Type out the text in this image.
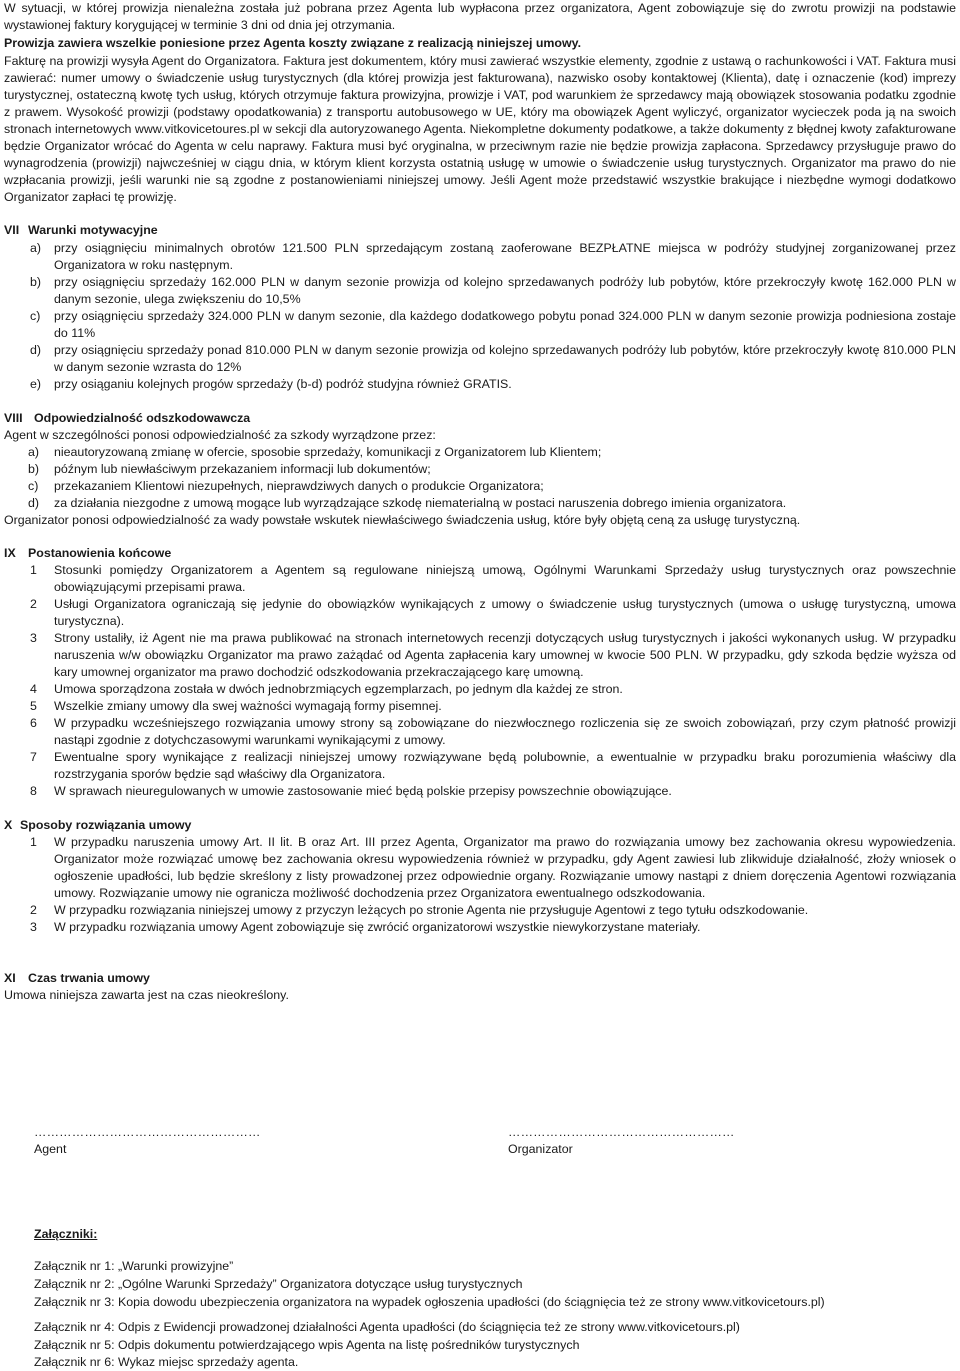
W sytuacji, w której prowizja nienależna została już pobrana przez Agenta lub wypłacona przez organizatora, Agent zobowiązuje się do zwrotu prowizji na podstawie wystawionej faktury korygującej w terminie 3 dni od dnia jej otrzymania.
Prowizja zawiera wszelkie poniesione przez Agenta koszty związane z realizacją niniejszej umowy.
Fakturę na prowizji wysyła Agent do Organizatora. Faktura jest dokumentem, który musi zawierać wszystkie elementy, zgodnie z ustawą o rachunkowości i VAT. Faktura musi zawierać: numer umowy o świadczenie usług turystycznych (dla której prowizja jest fakturowana), nazwisko osoby kontaktowej (Klienta), datę i oznaczenie (kod) imprezy turystycznej, ostateczną kwotę tych usług, których otrzymuje faktura prowizyjna, prowizje i VAT, pod warunkiem że sprzedawcy mają obowiązek stosowania podatku zgodnie z prawem. Wysokość prowizji (podstawy opodatkowania) z transportu autobusowego w UE, który ma obowiązek Agent wyliczyć, organizator wycieczek poda ją na swoich stronach internetowych www.vitkovicetoures.pl w sekcji dla autoryzowanego Agenta. Niekompletne dokumenty podatkowe, a także dokumenty z błędnej kwoty zafakturowane będzie Organizator wrócać do Agenta w celu naprawy. Faktura musi być oryginalna, w przeciwnym razie nie będzie prowizja zapłacona. Sprzedawcy przysługuje prawo do wynagrodzenia (prowizji) najwcześniej w ciągu dnia, w którym klient korzysta ostatnią usługę w umowie o świadczenie usług turystycznych. Organizator ma prawo do nie wzpłacania prowizji, jeśli warunki nie są zgodne z postanowieniami niniejszej umowy. Jeśli Agent może przedstawić wszystkie brakujące i niezbędne wymogi dodatkowo Organizator zapłaci tę prowizję.
VII Warunki motywacyjne
a) przy osiągnięciu minimalnych obrotów 121.500 PLN sprzedającym zostaną zaoferowane BEZPŁATNE miejsca w podróży studyjnej zorganizowanej przez Organizatora w roku następnym.
b) przy osiągnięciu sprzedaży 162.000 PLN w danym sezonie prowizja od kolejno sprzedawanych podróży lub pobytów, które przekroczyły kwotę 162.000 PLN w danym sezonie, ulega zwiększeniu do 10,5%
c) przy osiągnięciu sprzedaży 324.000 PLN w danym sezonie, dla każdego dodatkowego pobytu ponad 324.000 PLN w danym sezonie prowizja podniesiona zostaje do 11%
d) przy osiągnięciu sprzedaży ponad 810.000 PLN w danym sezonie prowizja od kolejno sprzedawanych podróży lub pobytów, które przekroczyły kwotę 810.000 PLN w danym sezonie wzrasta do 12%
e) przy osiąganiu kolejnych progów sprzedaży (b-d) podróż studyjna również GRATIS.
VIII Odpowiedzialność odszkodowawcza
Agent w szczególności ponosi odpowiedzialność za szkody wyrządzone przez:
a) nieautoryzowaną zmianę w ofercie, sposobie sprzedaży, komunikacji z Organizatorem lub Klientem;
b) późnym lub niewłaściwym przekazaniem informacji lub dokumentów;
c) przekazaniem Klientowi niezupełnych, nieprawdziwych danych o produkcie Organizatora;
d) za działania niezgodne z umową mogące lub wyrządzające szkodę niematerialną w postaci naruszenia dobrego imienia organizatora.
Organizator ponosi odpowiedzialność za wady powstałe wskutek niewłaściwego świadczenia usług, które były objętą ceną za usługę turystyczną.
IX Postanowienia końcowe
1 Stosunki pomiędzy Organizatorem a Agentem są regulowane niniejszą umową, Ogólnymi Warunkami Sprzedaży usług turystycznych oraz powszechnie obowiązującymi przepisami prawa.
2 Usługi Organizatora ograniczają się jedynie do obowiązków wynikających z umowy o świadczenie usług turystycznych (umowa o usługę turystyczną, umowa turystyczna).
3 Strony ustaliły, iż Agent nie ma prawa publikować na stronach internetowych recenzji dotyczących usług turystycznych i jakości wykonanych usług. W przypadku naruszenia w/w obowiązku Organizator ma prawo zażądać od Agenta zapłacenia kary umownej w kwocie 500 PLN. W przypadku, gdy szkoda będzie wyższa od kary umownej organizator ma prawo dochodzić odszkodowania przekraczającego karę umowną.
4 Umowa sporządzona została w dwóch jednobrzmiących egzemplarzach, po jednym dla każdej ze stron.
5 Wszelkie zmiany umowy dla swej ważności wymagają formy pisemnej.
6 W przypadku wcześniejszego rozwiązania umowy strony są zobowiązane do niezwłocznego rozliczenia się ze swoich zobowiązań, przy czym płatność prowizji nastąpi zgodnie z dotychczasowymi warunkami wynikającymi z umowy.
7 Ewentualne spory wynikające z realizacji niniejszej umowy rozwiązywane będą polubownie, a ewentualnie w przypadku braku porozumienia właściwy dla rozstrzygania sporów będzie sąd właściwy dla Organizatora.
8 W sprawach nieuregulowanych w umowie zastosowanie mieć będą polskie przepisy powszechnie obowiązujące.
X Sposoby rozwiązania umowy
1 W przypadku naruszenia umowy Art. II lit. B oraz Art. III przez Agenta, Organizator ma prawo do rozwiązania umowy bez zachowania okresu wypowiedzenia. Organizator może rozwiązać umowę bez zachowania okresu wypowiedzenia również w przypadku, gdy Agent zawiesi lub zlikwiduje działalność, złoży wniosek o ogłoszenie upadłości, lub będzie skreślony z listy prowadzonej przez odpowiednie organy. Rozwiązanie umowy nastąpi z dniem doręczenia Agentowi rozwiązania umowy. Rozwiązanie umowy nie ogranicza możliwość dochodzenia przez Organizatora ewentualnego odszkodowania.
2 W przypadku rozwiązania niniejszej umowy z przyczyn leżących po stronie Agenta nie przysługuje Agentowi z tego tytułu odszkodowanie.
3 W przypadku rozwiązania umowy Agent zobowiązuje się zwrócić organizatorowi wszystkie niewykorzystane materiały.
XI Czas trwania umowy
Umowa niniejsza zawarta jest na czas nieokreślony.
………………………………………………
Agent
………………………………………………
Organizator
Załączniki:
Załącznik nr 1: „Warunki prowizyjne”
Załącznik nr 2: „Ogólne Warunki Sprzedaży” Organizatora dotyczące usług turystycznych
Załącznik nr 3: Kopia dowodu ubezpieczenia organizatora na wypadek ogłoszenia upadłości (do ściągnięcia też ze strony www.vitkovicetours.pl)
Załącznik nr 4: Odpis z Ewidencji prowadzonej działalności Agenta upadłości (do ściągnięcia też ze strony www.vitkovicetours.pl)
Załącznik nr 5: Odpis dokumentu potwierdzającego wpis Agenta na listę pośredników turystycznych
Załącznik nr 6: Wykaz miejsc sprzedaży agenta.
